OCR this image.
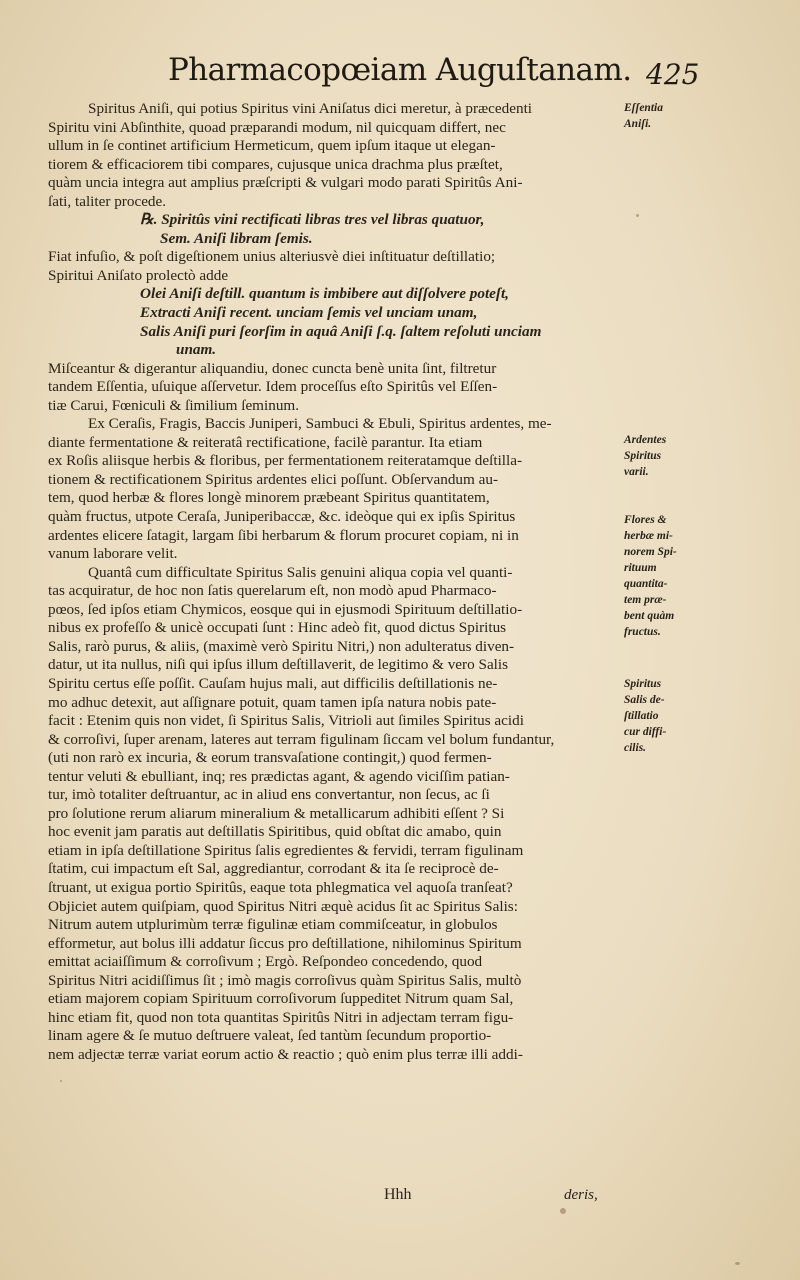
Pharmacopœiam Auguſtanam. 425
Spiritus Aniſi, qui potius Spiritus vini Aniſatus dici meretur, à præcedenti
Spiritu vini Abſinthite, quoad præparandi modum, nil quicquam differt, nec
ullum in ſe continet artificium Hermeticum, quem ipſum itaque ut elegan-
tiorem & efficaciorem tibi compares, cujusque unica drachma plus præſtet,
quàm uncia integra aut amplius præſcripti & vulgari modo parati Spiritûs Ani-
ſati, taliter procede.
℞. Spiritûs vini rectificati libras tres vel libras quatuor,
Sem. Aniſi libram ſemis.
Fiat infuſio, & poſt digeſtionem unius alteriusvè diei inſtituatur deſtillatio;
Spiritui Aniſato prolectò adde
Olei Aniſi deſtill. quantum is imbibere aut diſſolvere poteſt,
Extracti Aniſi recent. unciam ſemis vel unciam unam,
Salis Aniſi puri ſeorſim in aquâ Aniſi ſ.q. ſaltem reſoluti unciam
unam.
Miſceantur & digerantur aliquandiu, donec cuncta benè unita ſint, filtretur
tandem Eſſentia, uſuique aſſervetur. Idem proceſſus eſto Spiritûs vel Eſſen-
tiæ Carui, Fœniculi & ſimilium ſeminum.
Ex Ceraſis, Fragis, Baccis Juniperi, Sambuci & Ebuli, Spiritus ardentes, me-
diante fermentatione & reiteratâ rectificatione, facilè parantur. Ita etiam
ex Roſis aliisque herbis & floribus, per fermentationem reiteratamque deſtilla-
tionem & rectificationem Spiritus ardentes elici poſſunt. Obſervandum au-
tem, quod herbæ & flores longè minorem præbeant Spiritus quantitatem,
quàm fructus, utpote Ceraſa, Juniperibaccæ, &c. ideòque qui ex ipſis Spiritus
ardentes elicere ſatagit, largam ſibi herbarum & florum procuret copiam, ni in
vanum laborare velit.
Quantâ cum difficultate Spiritus Salis genuini aliqua copia vel quanti-
tas acquiratur, de hoc non ſatis querelarum eſt, non modò apud Pharmaco-
pœos, ſed ipſos etiam Chymicos, eosque qui in ejusmodi Spirituum deſtillatio-
nibus ex profeſſo & unicè occupati ſunt : Hinc adeò fit, quod dictus Spiritus
Salis, rarò purus, & aliis, (maximè verò Spiritu Nitri,) non adulteratus diven-
datur, ut ita nullus, niſi qui ipſus illum deſtillaverit, de legitimo & vero Salis
Spiritu certus eſſe poſſit. Cauſam hujus mali, aut difficilis deſtillationis ne-
mo adhuc detexit, aut aſſignare potuit, quam tamen ipſa natura nobis pate-
facit : Etenim quis non videt, ſi Spiritus Salis, Vitrioli aut ſimiles Spiritus acidi
& corroſivi, ſuper arenam, lateres aut terram figulinam ſiccam vel bolum fundantur,
(uti non rarò ex incuria, & eorum transvaſatione contingit,) quod fermen-
tentur veluti & ebulliant, inq; res prædictas agant, & agendo viciſſim patian-
tur, imò totaliter deſtruantur, ac in aliud ens convertantur, non ſecus, ac ſi
pro ſolutione rerum aliarum mineralium & metallicarum adhibiti eſſent ? Si
hoc evenit jam paratis aut deſtillatis Spiritibus, quid obſtat dic amabo, quin
etiam in ipſa deſtillatione Spiritus ſalis egredientes & fervidi, terram figulinam
ſtatim, cui impactum eſt Sal, aggrediantur, corrodant & ita ſe reciprocè de-
ſtruant, ut exigua portio Spiritûs, eaque tota phlegmatica vel aquoſa tranſeat?
Objiciet autem quiſpiam, quod Spiritus Nitri æquè acidus ſit ac Spiritus Salis:
Nitrum autem utplurimùm terræ figulinæ etiam commiſceatur, in globulos
efformetur, aut bolus illi addatur ſiccus pro deſtillatione, nihilominus Spiritum
emittat aciaiſſimum & corroſivum ; Ergò. Reſpondeo concedendo, quod
Spiritus Nitri acidiſſimus ſit ; imò magis corroſivus quàm Spiritus Salis, multò
etiam majorem copiam Spirituum corroſivorum ſuppeditet Nitrum quam Sal,
hinc etiam fit, quod non tota quantitas Spiritûs Nitri in adjectam terram figu-
linam agere & ſe mutuo deſtruere valeat, ſed tantùm ſecundum proportio-
nem adjectæ terræ variat eorum actio & reactio ; quò enim plus terræ illi addi-
Eſſentia
Aniſi.
Ardentes
Spiritus
varii.
Flores &
herbæ mi-
norem Spi-
rituum
quantita-
tem præ-
bent quàm
fructus.
Spiritus
Salis de-
ſtillatio
cur diffi-
cilis.
Hhh	deris,
